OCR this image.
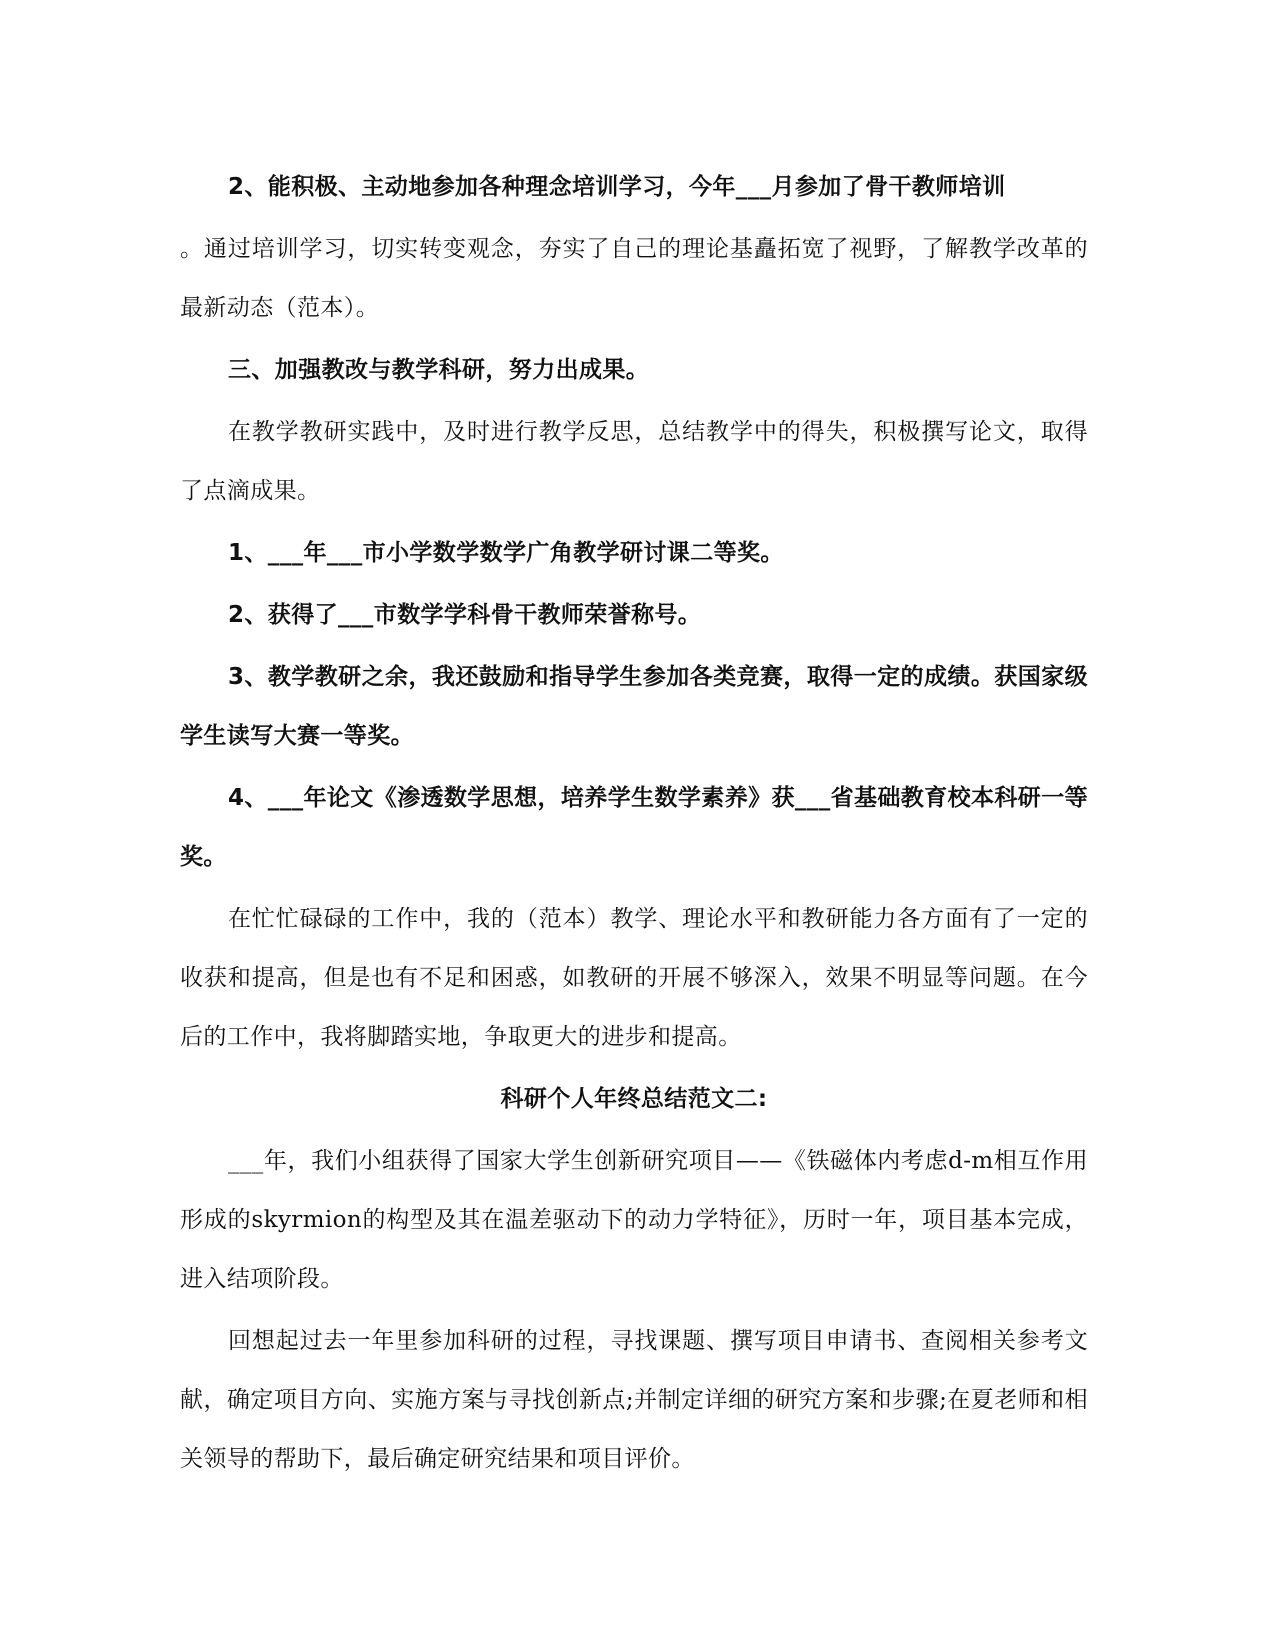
2、能积极、主动地参加各种理念培训学习，今年___月参加了骨干教师培训

。通过培训学习，切实转变观念，夯实了自己的理论基矗拓宽了视野，了解教学改革的最新动态（范本）。

三、加强教改与教学科研，努力出成果。

在教学教研实践中，及时进行教学反思，总结教学中的得失，积极撰写论文，取得了点滴成果。

1、___年___市小学数学数学广角教学研讨课二等奖。

2、获得了___市数学学科骨干教师荣誉称号。

3、教学教研之余，我还鼓励和指导学生参加各类竞赛，取得一定的成绩。获国家级学生读写大赛一等奖。

4、___年论文《渗透数学思想，培养学生数学素养》获___省基础教育校本科研一等奖。

在忙忙碌碌的工作中，我的（范本）教学、理论水平和教研能力各方面有了一定的收获和提高，但是也有不足和困惑，如教研的开展不够深入，效果不明显等问题。在今后的工作中，我将脚踏实地，争取更大的进步和提高。

科研个人年终总结范文二:

___年，我们小组获得了国家大学生创新研究项目——《铁磁体内考虑d-m相互作用形成的skyrmion的构型及其在温差驱动下的动力学特征》，历时一年，项目基本完成，进入结项阶段。

回想起过去一年里参加科研的过程，寻找课题、撰写项目申请书、查阅相关参考文献，确定项目方向、实施方案与寻找创新点;并制定详细的研究方案和步骤;在夏老师和相关领导的帮助下，最后确定研究结果和项目评价。
